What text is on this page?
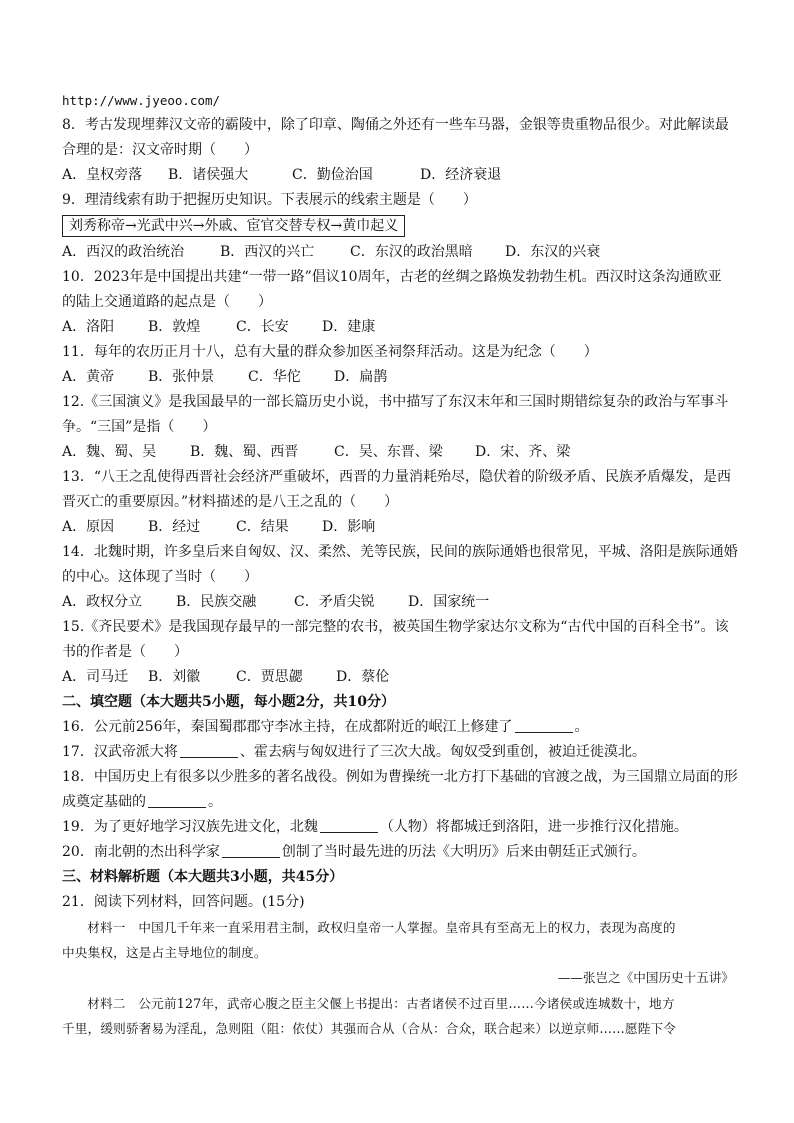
http://www.jyeoo.com/
8．考古发现埋葬汉文帝的霸陵中，除了印章、陶俑之外还有一些车马器，金银等贵重物品很少。对此解读最
合理的是：汉文帝时期（　　）
A．皇权旁落 B．诸侯强大	C．勤俭治国	D．经济衰退
9．理清线索有助于把握历史知识。下表展示的线索主题是（　　）
刘秀称帝→光武中兴→外戚、宦官交替专权→黄巾起义
A．西汉的政治统治	B．西汉的兴亡	C．东汉的政治黑暗 D．东汉的兴衰
10．2023年是中国提出共建“一带一路”倡议10周年，古老的丝绸之路焕发勃勃生机。西汉时这条沟通欧亚
的陆上交通道路的起点是（　　）
A．洛阳 B．敦煌	C．长安 D．建康
11．每年的农历正月十八，总有大量的群众参加医圣祠祭拜活动。这是为纪念（　　）
A．黄帝 B．张仲景 C．华佗 D．扁鹊
12.《三国演义》是我国最早的一部长篇历史小说，书中描写了东汉末年和三国时期错综复杂的政治与军事斗
争。“三国”是指（　　）
A．魏、蜀、吴 B．魏、蜀、西晋	C．吴、东晋、梁 D．宋、齐、梁
13．“八王之乱使得西晋社会经济严重破坏，西晋的力量消耗殆尽，隐伏着的阶级矛盾、民族矛盾爆发，是西
晋灭亡的重要原因。”材料描述的是八王之乱的（　　）
A．原因 B．经过	C．结果 D．影响
14．北魏时期，许多皇后来自匈奴、汉、柔然、羌等民族，民间的族际通婚也很常见，平城、洛阳是族际通婚
的中心。这体现了当时（　　）
A．政权分立 B．民族交融	C．矛盾尖锐 D．国家统一
15.《齐民要术》是我国现存最早的一部完整的农书，被英国生物学家达尔文称为“古代中国的百科全书”。该
书的作者是（　　）
A．司马迁 B．刘徽	C．贾思勰 D．蔡伦
二、填空题（本大题共5小题，每小题2分，共10分）
16．公元前256年，秦国蜀郡郡守李冰主持，在成都附近的岷江上修建了	。
17．汉武帝派大将	、霍去病与匈奴进行了三次大战。匈奴受到重创，被迫迁徙漠北。
18．中国历史上有很多以少胜多的著名战役。例如为曹操统一北方打下基础的官渡之战，为三国鼎立局面的形
成奠定基础的	。
19．为了更好地学习汉族先进文化，北魏	（人物）将都城迁到洛阳，进一步推行汉化措施。
20．南北朝的杰出科学家	创制了当时最先进的历法《大明历》后来由朝廷正式颁行。
三、材料解析题（本大题共3小题，共45分）
21．阅读下列材料，回答问题。(15分)
材料一　中国几千年来一直采用君主制，政权归皇帝一人掌握。皇帝具有至高无上的权力，表现为高度的
中央集权，这是占主导地位的制度。
——张岂之《中国历史十五讲》
材料二　公元前127年，武帝心腹之臣主父偃上书提出：古者诸侯不过百里……今诸侯或连城数十，地方
千里，缓则骄奢易为淫乱，急则阻（阻：依仗）其强而合从（合从：合众，联合起来）以逆京师……愿陛下令
